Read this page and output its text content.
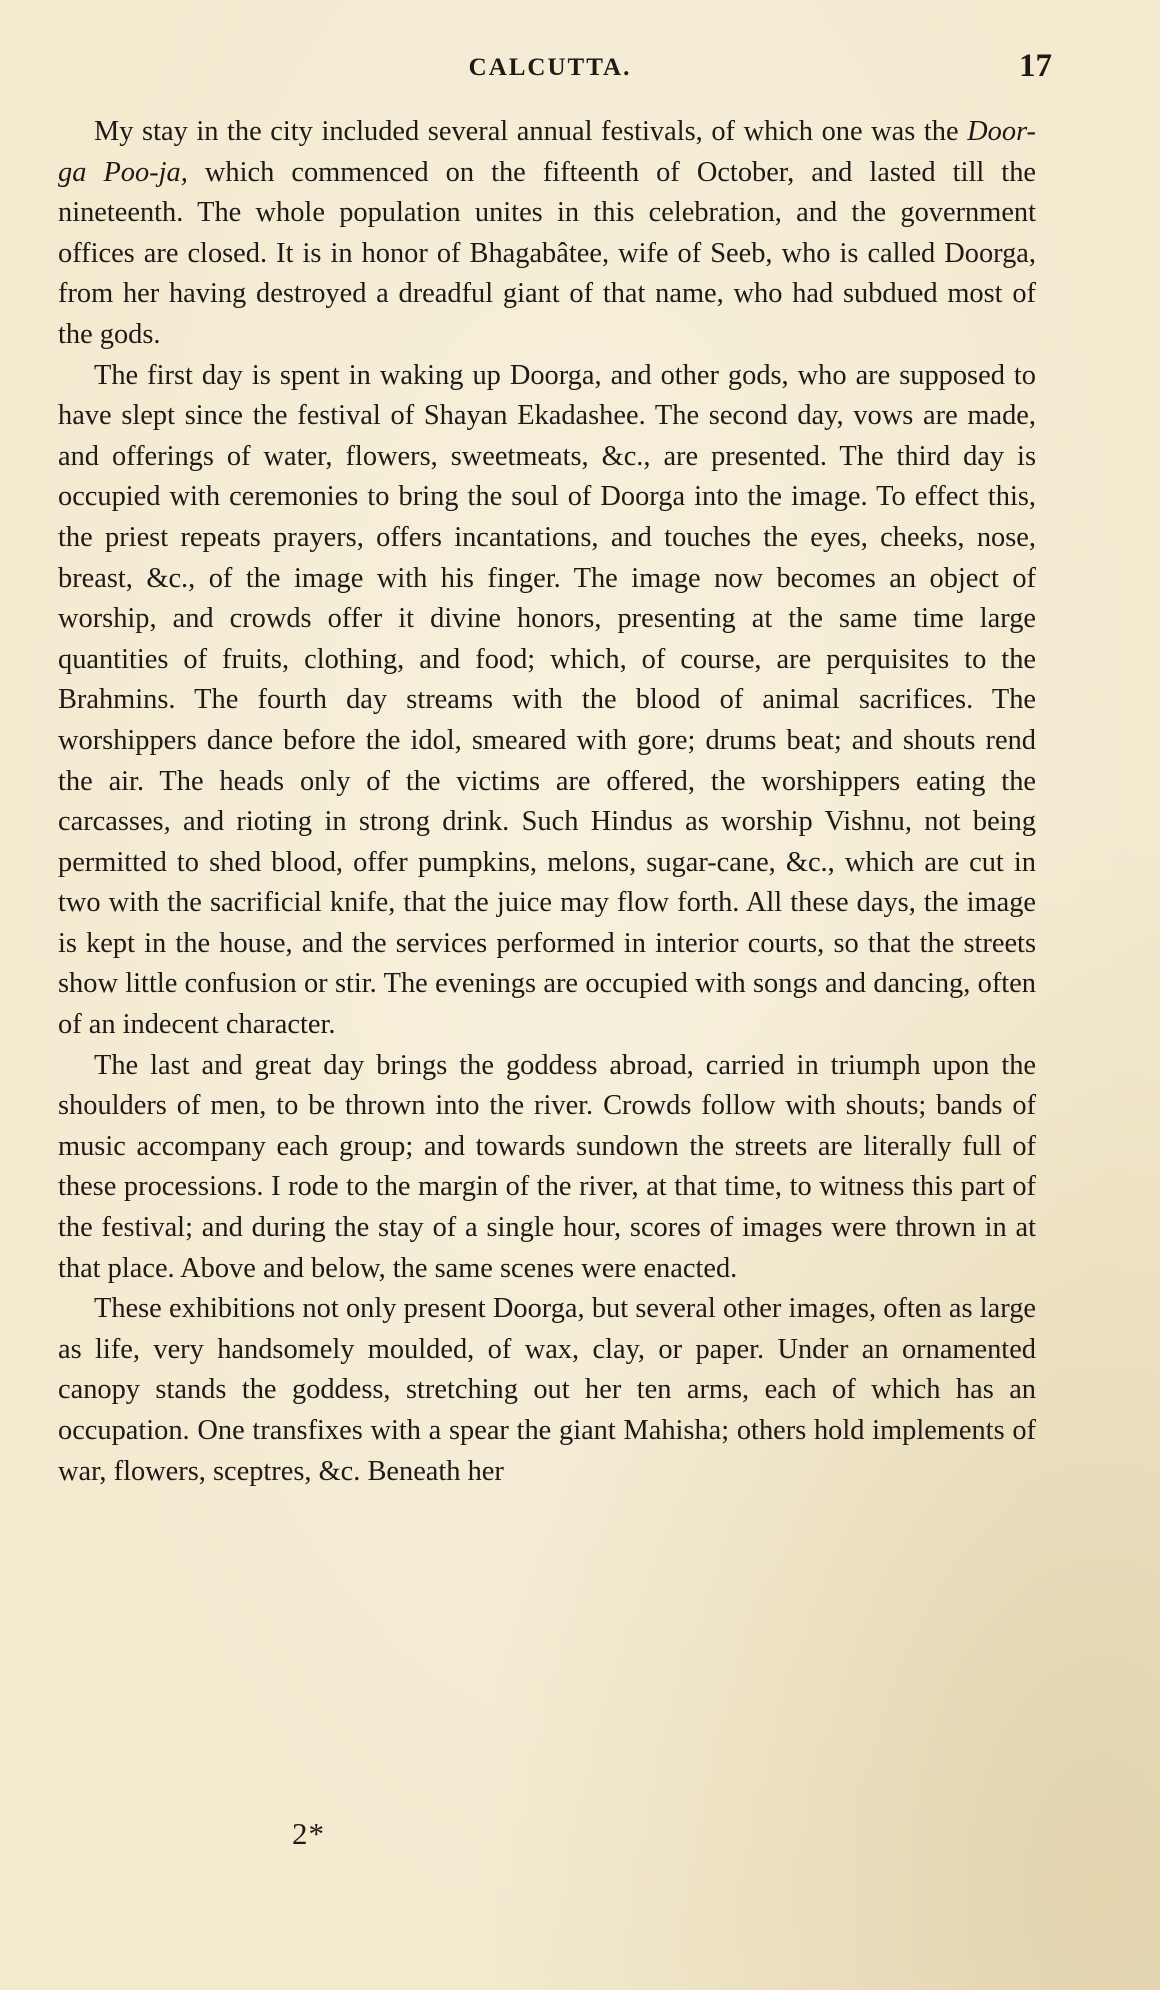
CALCUTTA.	17

My stay in the city included several annual festivals, of which one was the Door-ga Poo-ja, which commenced on the fifteenth of October, and lasted till the nineteenth. The whole population unites in this celebration, and the government offices are closed. It is in honor of Bhagabâtee, wife of Seeb, who is called Doorga, from her having destroyed a dreadful giant of that name, who had subdued most of the gods.

The first day is spent in waking up Doorga, and other gods, who are supposed to have slept since the festival of Shayan Ekadashee. The second day, vows are made, and offerings of water, flowers, sweetmeats, &c., are presented. The third day is occupied with ceremonies to bring the soul of Doorga into the image. To effect this, the priest repeats prayers, offers incantations, and touches the eyes, cheeks, nose, breast, &c., of the image with his finger. The image now becomes an object of worship, and crowds offer it divine honors, presenting at the same time large quantities of fruits, clothing, and food; which, of course, are perquisites to the Brahmins. The fourth day streams with the blood of animal sacrifices. The worshippers dance before the idol, smeared with gore; drums beat; and shouts rend the air. The heads only of the victims are offered, the worshippers eating the carcasses, and rioting in strong drink. Such Hindus as worship Vishnu, not being permitted to shed blood, offer pumpkins, melons, sugar-cane, &c., which are cut in two with the sacrificial knife, that the juice may flow forth. All these days, the image is kept in the house, and the services performed in interior courts, so that the streets show little confusion or stir. The evenings are occupied with songs and dancing, often of an indecent character.

The last and great day brings the goddess abroad, carried in triumph upon the shoulders of men, to be thrown into the river. Crowds follow with shouts; bands of music accompany each group; and towards sundown the streets are literally full of these processions. I rode to the margin of the river, at that time, to witness this part of the festival; and during the stay of a single hour, scores of images were thrown in at that place. Above and below, the same scenes were enacted.

These exhibitions not only present Doorga, but several other images, often as large as life, very handsomely moulded, of wax, clay, or paper. Under an ornamented canopy stands the goddess, stretching out her ten arms, each of which has an occupation. One transfixes with a spear the giant Mahisha; others hold implements of war, flowers, sceptres, &c. Beneath her

2*
